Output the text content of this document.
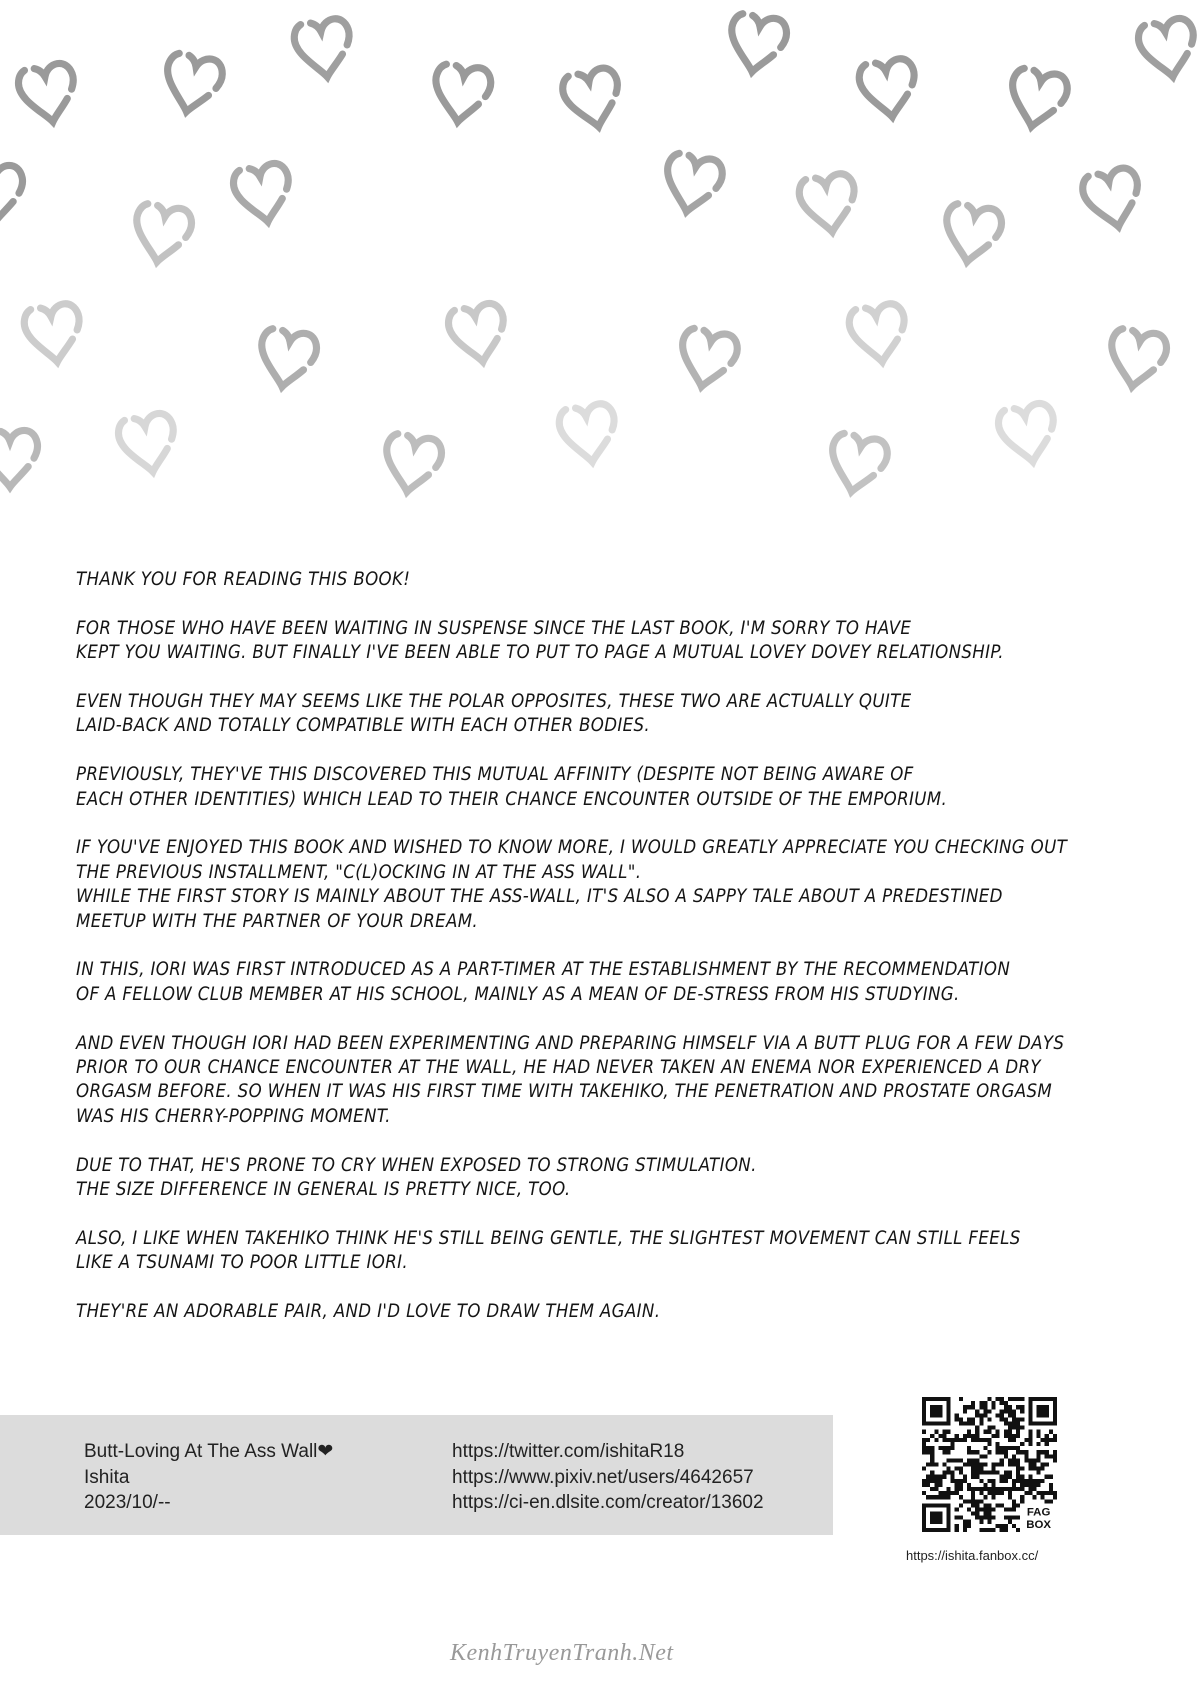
THANK YOU FOR READING THIS BOOK!

FOR THOSE WHO HAVE BEEN WAITING IN SUSPENSE SINCE THE LAST BOOK, I'M SORRY TO HAVE
KEPT YOU WAITING. BUT FINALLY I'VE BEEN ABLE TO PUT TO PAGE A MUTUAL LOVEY DOVEY RELATIONSHIP.

EVEN THOUGH THEY MAY SEEMS LIKE THE POLAR OPPOSITES, THESE TWO ARE ACTUALLY QUITE
LAID-BACK AND TOTALLY COMPATIBLE WITH EACH OTHER BODIES.

PREVIOUSLY, THEY'VE THIS DISCOVERED THIS MUTUAL AFFINITY (DESPITE NOT BEING AWARE OF
EACH OTHER IDENTITIES) WHICH LEAD TO THEIR CHANCE ENCOUNTER OUTSIDE OF THE EMPORIUM.

IF YOU'VE ENJOYED THIS BOOK AND WISHED TO KNOW MORE, I WOULD GREATLY APPRECIATE YOU CHECKING OUT
THE PREVIOUS INSTALLMENT, "C(L)OCKING IN AT THE ASS WALL".
WHILE THE FIRST STORY IS MAINLY ABOUT THE ASS-WALL, IT'S ALSO A SAPPY TALE ABOUT A PREDESTINED
MEETUP WITH THE PARTNER OF YOUR DREAM.

IN THIS, IORI WAS FIRST INTRODUCED AS A PART-TIMER AT THE ESTABLISHMENT BY THE RECOMMENDATION
OF A FELLOW CLUB MEMBER AT HIS SCHOOL, MAINLY AS A MEAN OF DE-STRESS FROM HIS STUDYING.

AND EVEN THOUGH IORI HAD BEEN EXPERIMENTING AND PREPARING HIMSELF VIA A BUTT PLUG FOR A FEW DAYS
PRIOR TO OUR CHANCE ENCOUNTER AT THE WALL, HE HAD NEVER TAKEN AN ENEMA NOR EXPERIENCED A DRY
ORGASM BEFORE. SO WHEN IT WAS HIS FIRST TIME WITH TAKEHIKO, THE PENETRATION AND PROSTATE ORGASM
WAS HIS CHERRY-POPPING MOMENT.

DUE TO THAT, HE'S PRONE TO CRY WHEN EXPOSED TO STRONG STIMULATION.
THE SIZE DIFFERENCE IN GENERAL IS PRETTY NICE, TOO.

ALSO, I LIKE WHEN TAKEHIKO THINK HE'S STILL BEING GENTLE, THE SLIGHTEST MOVEMENT CAN STILL FEELS
LIKE A TSUNAMI TO POOR LITTLE IORI.

THEY'RE AN ADORABLE PAIR, AND I'D LOVE TO DRAW THEM AGAIN.

Butt-Loving At The Ass Wall❤
Ishita
2023/10/--
https://twitter.com/ishitaR18
https://www.pixiv.net/users/4642657
https://ci-en.dlsite.com/creator/13602	FAG
BOX
https://ishita.fanbox.cc/
KenhTruyenTranh.Net
